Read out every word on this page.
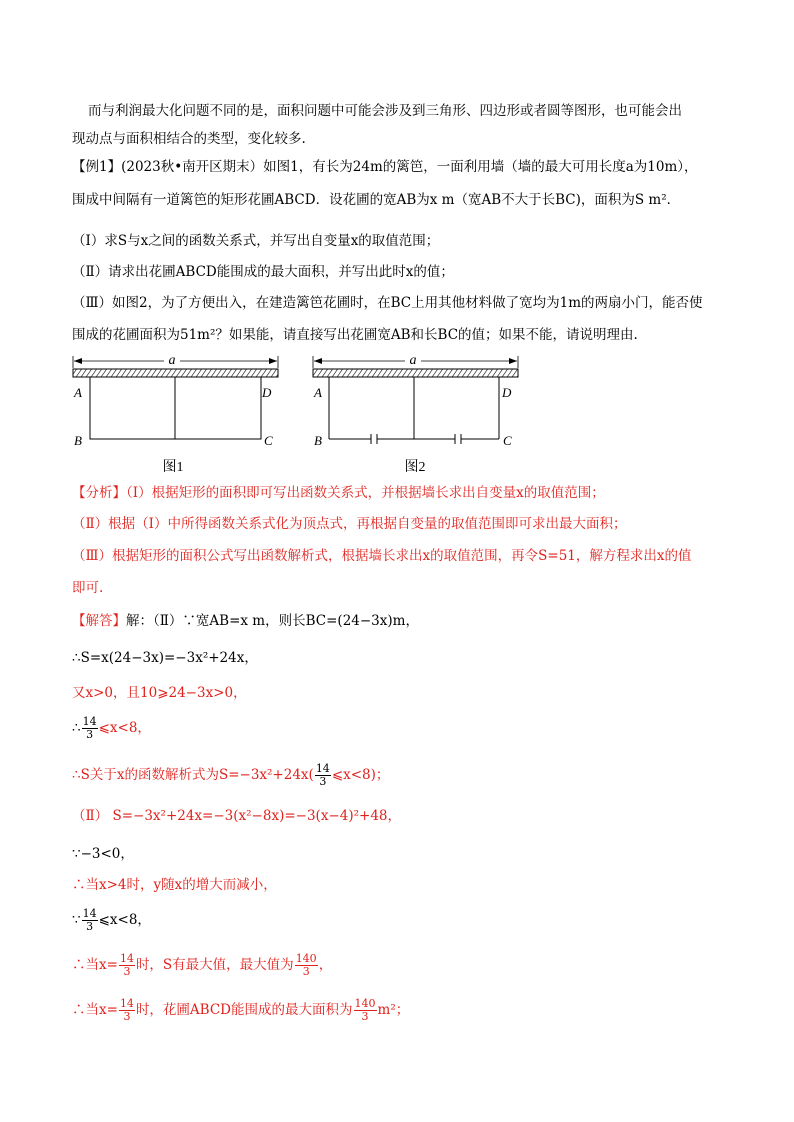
而与利润最大化问题不同的是，面积问题中可能会涉及到三角形、四边形或者圆等图形，也可能会出
现动点与面积相结合的类型，变化较多.
【例1】(2023秋•南开区期末）如图1，有长为24m的篱笆，一面利用墙（墙的最大可用长度a为10m），
围成中间隔有一道篱笆的矩形花圃ABCD．设花圃的宽AB为x m（宽AB不大于长BC)，面积为S m²．
（Ⅰ）求S与x之间的函数关系式，并写出自变量x的取值范围；
（Ⅱ）请求出花圃ABCD能围成的最大面积，并写出此时x的值；
（Ⅲ）如图2，为了方便出入，在建造篱笆花圃时，在BC上用其他材料做了宽均为1m的两扇小门，能否使
围成的花圃面积为51m²？如果能，请直接写出花圃宽AB和长BC的值；如果不能，请说明理由.
a
A	D
B	C
图1
a
A	D
B	C
图2
【分析】（Ⅰ）根据矩形的面积即可写出函数关系式，并根据墙长求出自变量x的取值范围；
（Ⅱ）根据（Ⅰ）中所得函数关系式化为顶点式，再根据自变量的取值范围即可求出最大面积；
（Ⅲ）根据矩形的面积公式写出函数解析式，根据墙长求出x的取值范围，再令S=51，解方程求出x的值
即可.
【解答】解：（Ⅱ）∵宽AB=x m，则长BC=(24−3x)m，
∴S=x(24−3x)=−3x²+24x，
又x>0，且10⩾24−3x>0，
∴ $\frac{14}{3}$ ⩽x<8，
∴S关于x的函数解析式为$S=-3x^2+24x( \frac{14}{3}$ ⩽x<8)；
（Ⅱ） S=−3x²+24x=−3(x²−8x)=−3(x−4)²+48，
∵−3<0，
∴当x>4时，y随x的增大而减小，
∵ $\frac{14}{3}$ ⩽x<8，
∴当$x= \frac{14}{3}$ 时，S有最大值，最大值为 $\frac{140}{3}$ ，
∴当$x= \frac{14}{3}$ 时，花圃ABCD能围成的最大面积为 $\frac{140}{3} m^2$；
